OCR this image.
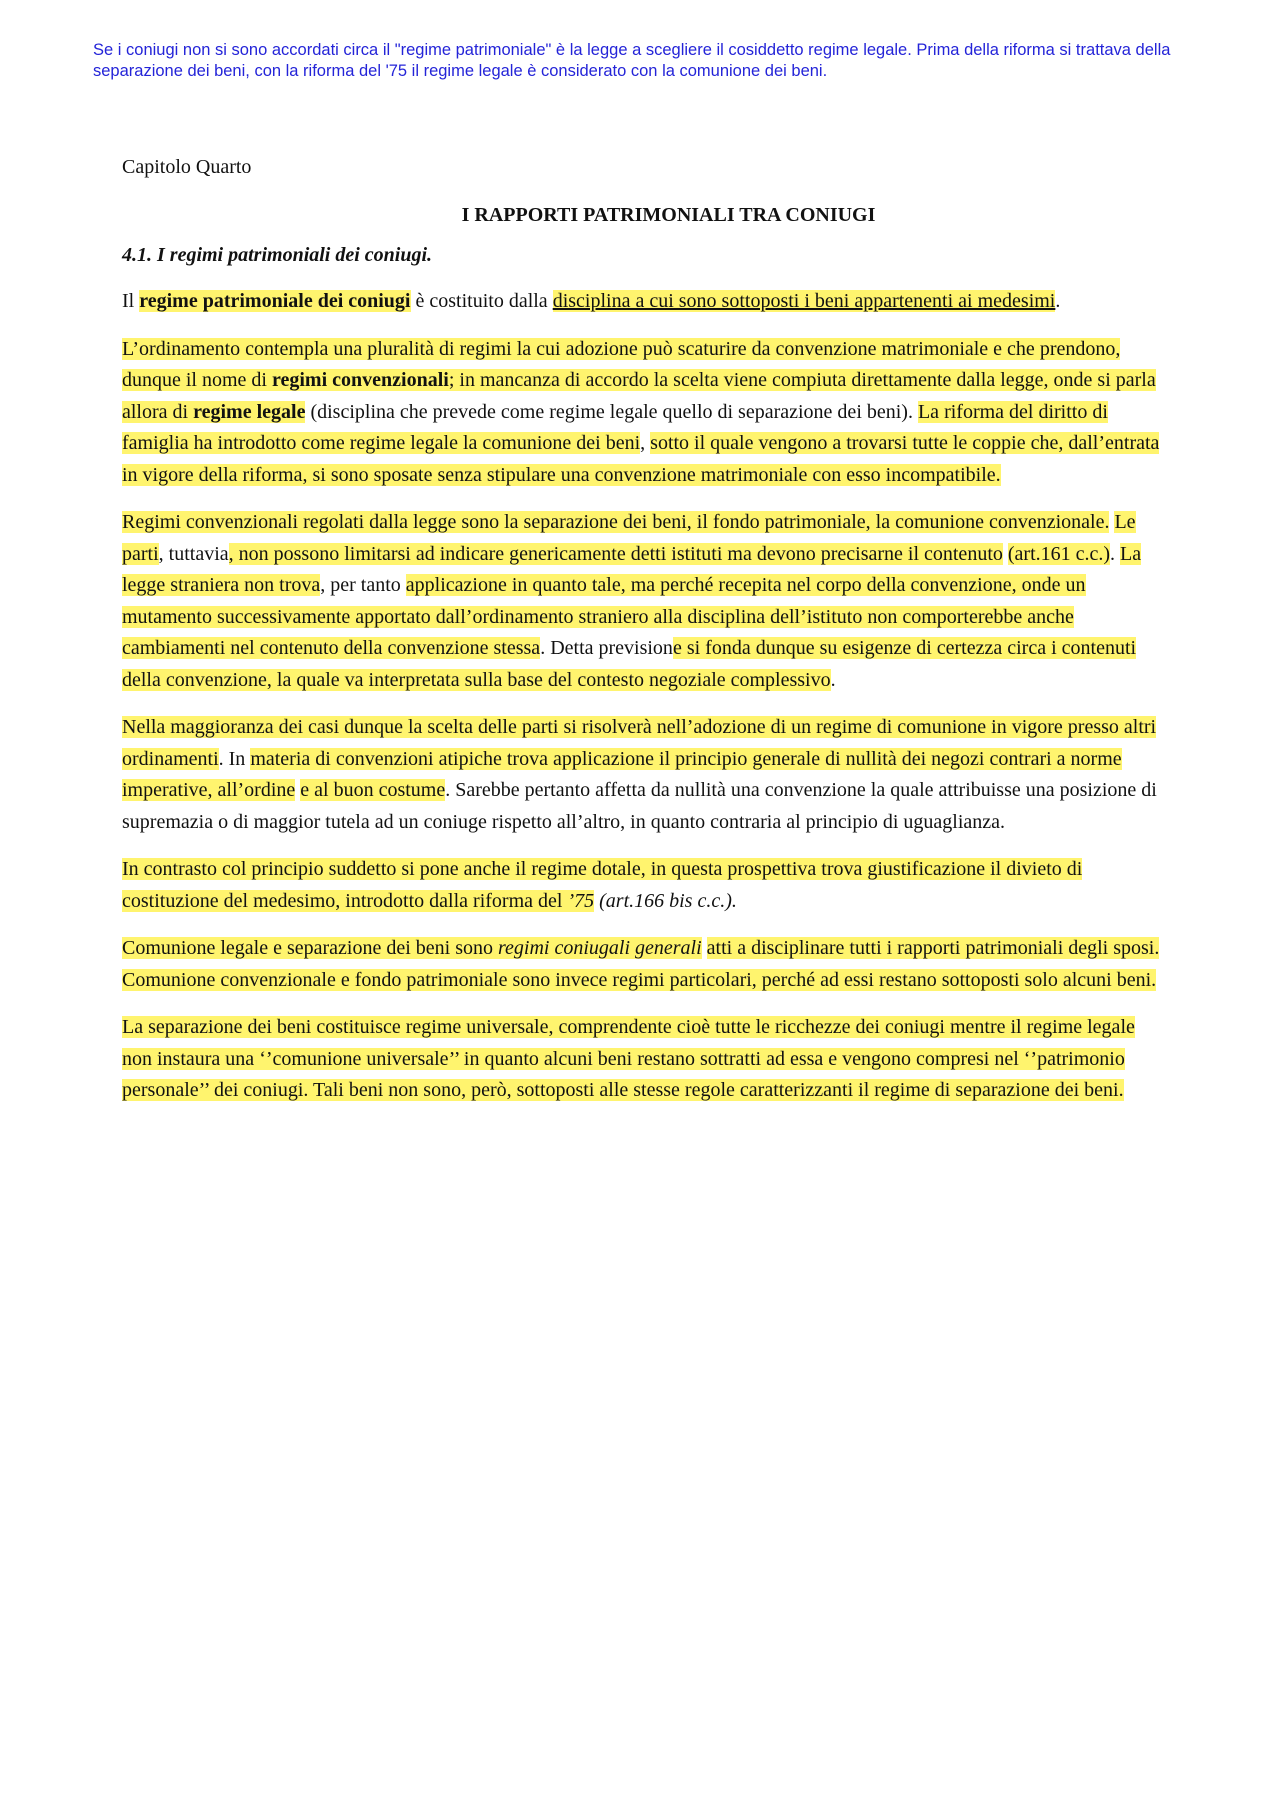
Se i coniugi non si sono accordati circa il "regime patrimoniale" è la legge a scegliere il cosiddetto regime legale. Prima della riforma si trattava della separazione dei beni, con la riforma del '75 il regime legale è considerato con la comunione dei beni.
Capitolo Quarto
I RAPPORTI PATRIMONIALI TRA CONIUGI
4.1. I regimi patrimoniali dei coniugi.

Il regime patrimoniale dei coniugi è costituito dalla disciplina a cui sono sottoposti i beni appartenenti ai medesimi.

L’ordinamento contempla una pluralità di regimi la cui adozione può scaturire da convenzione matrimoniale e che prendono, dunque il nome di regimi convenzionali; in mancanza di accordo la scelta viene compiuta direttamente dalla legge, onde si parla allora di regime legale (disciplina che prevede come regime legale quello di separazione dei beni). La riforma del diritto di famiglia ha introdotto come regime legale la comunione dei beni, sotto il quale vengono a trovarsi tutte le coppie che, dall’entrata in vigore della riforma, si sono sposate senza stipulare una convenzione matrimoniale con esso incompatibile.

Regimi convenzionali regolati dalla legge sono la separazione dei beni, il fondo patrimoniale, la comunione convenzionale. Le parti, tuttavia, non possono limitarsi ad indicare genericamente detti istituti ma devono precisarne il contenuto (art.161 c.c.). La legge straniera non trova, per tanto applicazione in quanto tale, ma perché recepita nel corpo della convenzione, onde un mutamento successivamente apportato dall’ordinamento straniero alla disciplina dell’istituto non comporterebbe anche cambiamenti nel contenuto della convenzione stessa. Detta previsione si fonda dunque su esigenze di certezza circa i contenuti della convenzione, la quale va interpretata sulla base del contesto negoziale complessivo.

Nella maggioranza dei casi dunque la scelta delle parti si risolverà nell’adozione di un regime di comunione in vigore presso altri ordinamenti. In materia di convenzioni atipiche trova applicazione il principio generale di nullità dei negozi contrari a norme imperative, all’ordine e al buon costume. Sarebbe pertanto affetta da nullità una convenzione la quale attribuisse una posizione di supremazia o di maggior tutela ad un coniuge rispetto all’altro, in quanto contraria al principio di uguaglianza.

In contrasto col principio suddetto si pone anche il regime dotale, in questa prospettiva trova giustificazione il divieto di costituzione del medesimo, introdotto dalla riforma del ’75 (art.166 bis c.c.).

Comunione legale e separazione dei beni sono regimi coniugali generali atti a disciplinare tutti i rapporti patrimoniali degli sposi. Comunione convenzionale e fondo patrimoniale sono invece regimi particolari, perché ad essi restano sottoposti solo alcuni beni.

La separazione dei beni costituisce regime universale, comprendente cioè tutte le ricchezze dei coniugi mentre il regime legale non instaura una ‘’comunione universale’’ in quanto alcuni beni restano sottratti ad essa e vengono compresi nel ‘’patrimonio personale’’ dei coniugi. Tali beni non sono, però, sottoposti alle stesse regole caratterizzanti il regime di separazione dei beni.
